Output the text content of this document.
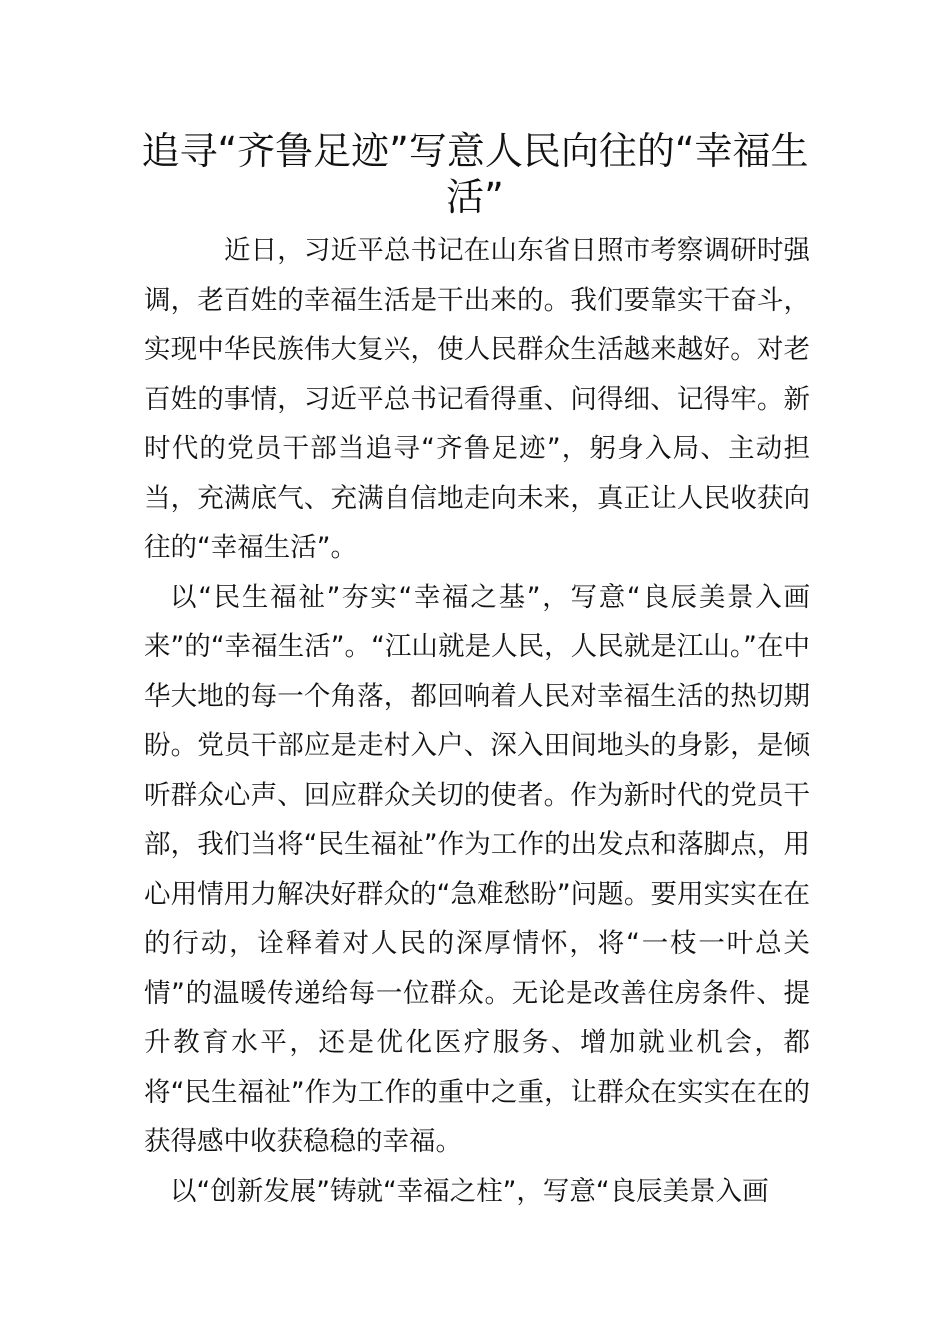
追寻“齐鲁足迹”写意人民向往的“幸福生活”

近日，习近平总书记在山东省日照市考察调研时强调，老百姓的幸福生活是干出来的。我们要靠实干奋斗，实现中华民族伟大复兴，使人民群众生活越来越好。对老百姓的事情，习近平总书记看得重、问得细、记得牢。新时代的党员干部当追寻“齐鲁足迹”，躬身入局、主动担当，充满底气、充满自信地走向未来，真正让人民收获向往的“幸福生活”。

以“民生福祉”夯实“幸福之基”，写意“良辰美景入画来”的“幸福生活”。“江山就是人民，人民就是江山。”在中华大地的每一个角落，都回响着人民对幸福生活的热切期盼。党员干部应是走村入户、深入田间地头的身影，是倾听群众心声、回应群众关切的使者。作为新时代的党员干部，我们当将“民生福祉”作为工作的出发点和落脚点，用心用情用力解决好群众的“急难愁盼”问题。要用实实在在的行动，诠释着对人民的深厚情怀，将“一枝一叶总关情”的温暖传递给每一位群众。无论是改善住房条件、提升教育水平，还是优化医疗服务、增加就业机会，都将“民生福祉”作为工作的重中之重，让群众在实实在在的获得感中收获稳稳的幸福。

以“创新发展”铸就“幸福之柱”，写意“良辰美景入画
